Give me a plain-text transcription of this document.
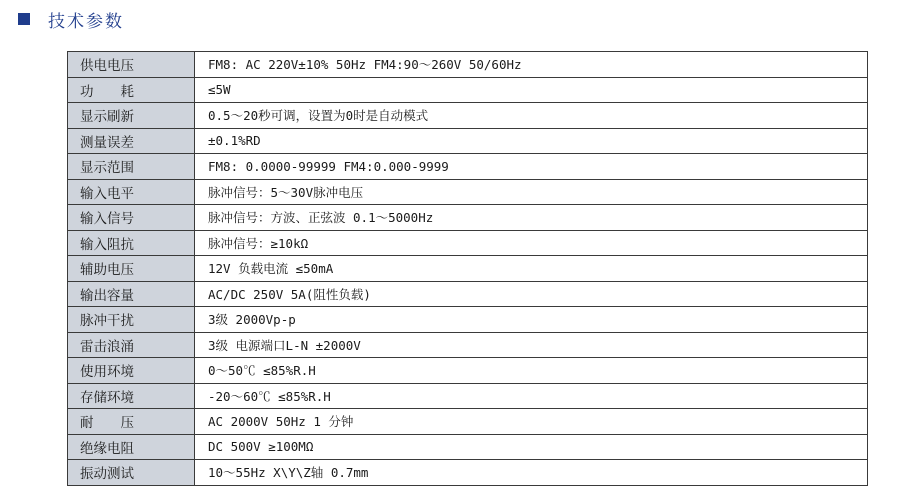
技术参数
供电电压	FM8: AC 220V±10% 50Hz FM4:90～260V 50/60Hz
功　　耗	≤5W
显示刷新	0.5～20秒可调，设置为0时是自动模式
测量误差	±0.1%RD
显示范围	FM8: 0.0000-99999 FM4:0.000-9999
输入电平	脉冲信号：5～30V脉冲电压
输入信号	脉冲信号：方波、正弦波 0.1～5000Hz
输入阻抗	脉冲信号：≥10kΩ
辅助电压	12V 负载电流 ≤50mA
输出容量	AC/DC 250V 5A(阻性负载)
脉冲干扰	3级 2000Vp-p
雷击浪涌	3级 电源端口L-N ±2000V
使用环境	0～50℃ ≤85%R.H
存储环境	-20～60℃ ≤85%R.H
耐　　压	AC 2000V 50Hz 1 分钟
绝缘电阻	DC 500V ≥100MΩ
振动测试	10～55Hz X\Y\Z轴 0.7mm
